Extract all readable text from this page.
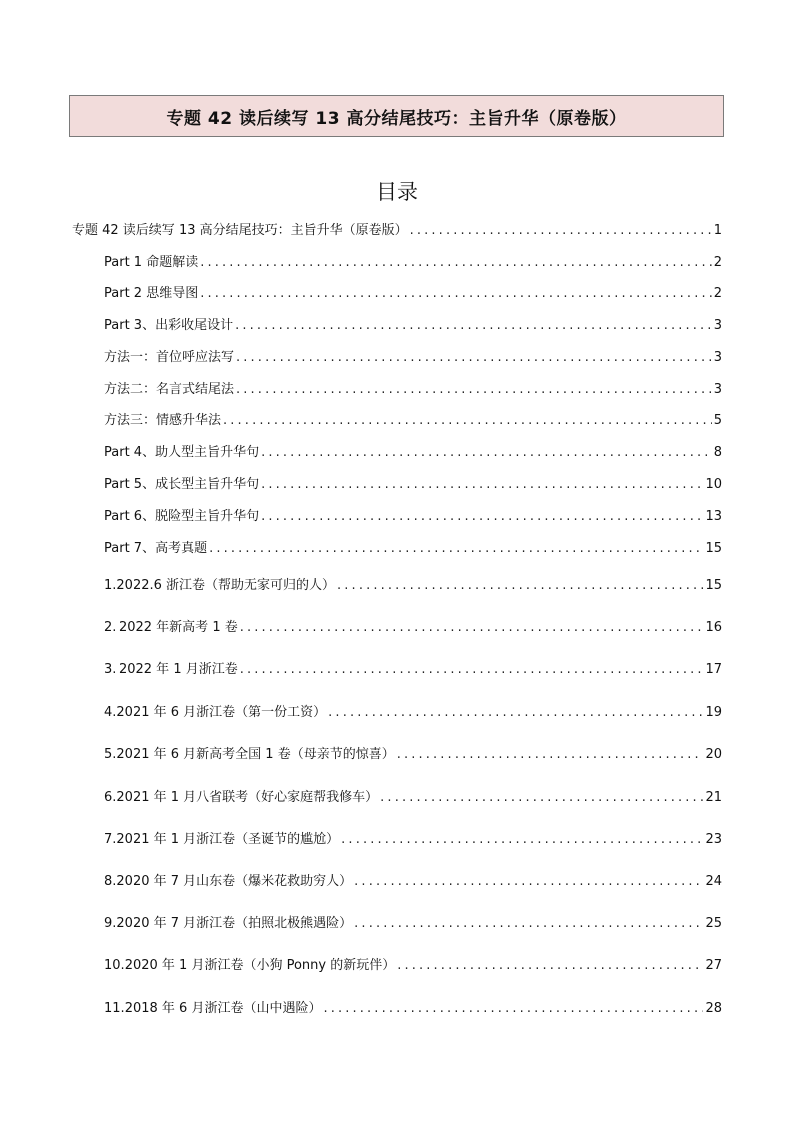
专题 42 读后续写 13 高分结尾技巧：主旨升华（原卷版）
目录
专题 42 读后续写 13 高分结尾技巧：主旨升华（原卷版） . . .	1
Part 1 命题解读 . . .	2
Part 2 思维导图 . . .	2
Part 3、出彩收尾设计 . . .	3
方法一：首位呼应法写 . . .	3
方法二：名言式结尾法 . . .	3
方法三：情感升华法 . . .	5
Part 4、助人型主旨升华句 . . .	8
Part 5、成长型主旨升华句 . . .	10
Part 6、脱险型主旨升华句 . . .	13
Part 7、高考真题 . . .	15
1. 2022.6 浙江卷（帮助无家可归的人） . . .	15
2. 2022 年新高考 1 卷 . . .	16
3. 2022 年 1 月浙江卷 . . .	17
4. 2021 年 6 月浙江卷（第一份工资） . . .	19
5. 2021 年 6 月新高考全国 1 卷（母亲节的惊喜） . . .	20
6. 2021 年 1 月八省联考（好心家庭帮我修车） . . .	21
7. 2021 年 1 月浙江卷（圣诞节的尴尬） . . .	23
8. 2020 年 7 月山东卷（爆米花救助穷人） . . .	24
9. 2020 年 7 月浙江卷（拍照北极熊遇险） . . .	25
10. 2020 年 1 月浙江卷（小狗 Ponny 的新玩伴） . . .	27
11. 2018 年 6 月浙江卷（山中遇险） . . .	28
